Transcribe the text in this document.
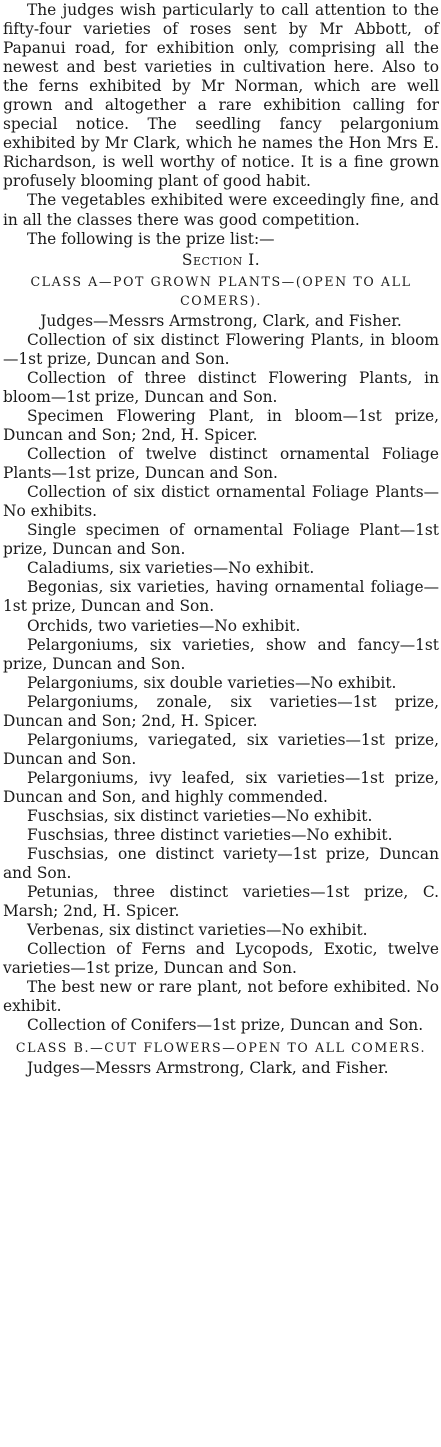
The judges wish particularly to call attention to the fifty-four varieties of roses sent by Mr Abbott, of Papanui road, for exhibition only, comprising all the newest and best varieties in cultivation here. Also to the ferns exhibited by Mr Norman, which are well grown and altogether a rare exhibition calling for special notice. The seedling fancy pelargonium exhibited by Mr Clark, which he names the Hon Mrs E. Richardson, is well worthy of notice. It is a fine grown profusely blooming plant of good habit.

The vegetables exhibited were exceedingly fine, and in all the classes there was good competition.

The following is the prize list:—

Section I.

CLASS A—POT GROWN PLANTS—(OPEN TO ALL COMERS).

Judges—Messrs Armstrong, Clark, and Fisher.

Collection of six distinct Flowering Plants, in bloom—1st prize, Duncan and Son.

Collection of three distinct Flowering Plants, in bloom—1st prize, Duncan and Son.

Specimen Flowering Plant, in bloom—1st prize, Duncan and Son; 2nd, H. Spicer.

Collection of twelve distinct ornamental Foliage Plants—1st prize, Duncan and Son.

Collection of six distict ornamental Foliage Plants—No exhibits.

Single specimen of ornamental Foliage Plant—1st prize, Duncan and Son.

Caladiums, six varieties—No exhibit.

Begonias, six varieties, having ornamental foliage—1st prize, Duncan and Son.

Orchids, two varieties—No exhibit.

Pelargoniums, six varieties, show and fancy—1st prize, Duncan and Son.

Pelargoniums, six double varieties—No exhibit.

Pelargoniums, zonale, six varieties—1st prize, Duncan and Son; 2nd, H. Spicer.

Pelargoniums, variegated, six varieties—1st prize, Duncan and Son.

Pelargoniums, ivy leafed, six varieties—1st prize, Duncan and Son, and highly commended.

Fuschsias, six distinct varieties—No exhibit.

Fuschsias, three distinct varieties—No exhibit.

Fuschsias, one distinct variety—1st prize, Duncan and Son.

Petunias, three distinct varieties—1st prize, C. Marsh; 2nd, H. Spicer.

Verbenas, six distinct varieties—No exhibit.

Collection of Ferns and Lycopods, Exotic, twelve varieties—1st prize, Duncan and Son.

The best new or rare plant, not before exhibited. No exhibit.

Collection of Conifers—1st prize, Duncan and Son.

CLASS B.—CUT FLOWERS—OPEN TO ALL COMERS.

Judges—Messrs Armstrong, Clark, and Fisher.
